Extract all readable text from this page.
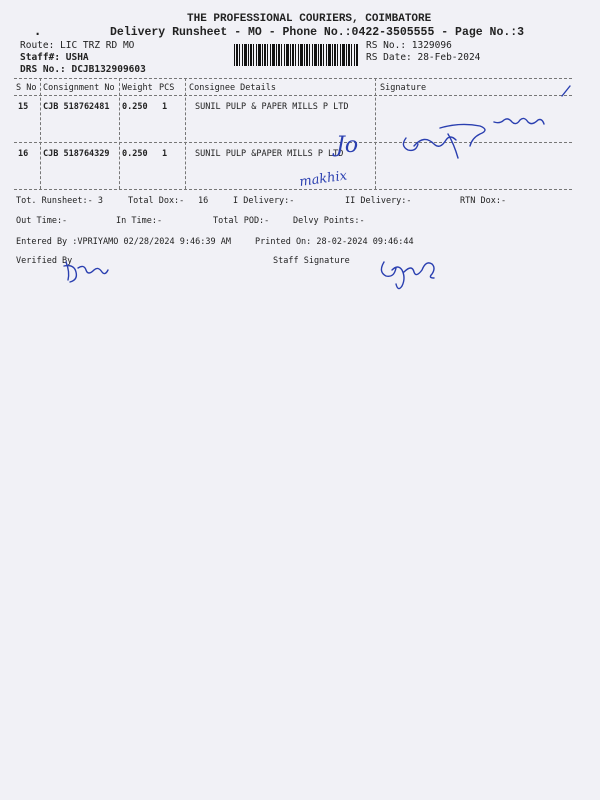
THE PROFESSIONAL COURIERS, COIMBATORE
Delivery Runsheet - MO - Phone No.:0422-3505555 - Page No.:3
.
Route: LIC TRZ RD MO
Staff#: USHA
DRS No.: DCJB132909603
RS No.: 1329096
RS Date: 28-Feb-2024
S No Consignment No Weight PCS Consignee Details	Signature
15 CJB 518762481 0.250 1	SUNIL PULP & PAPER MILLS P LTD
16 CJB 518764329 0.250 1	SUNIL PULP &PAPER MILLS P LTD
Tot. Runsheet:- 3	Total Dox:- 16	I Delivery:-	II Delivery:-	RTN Dox:-
Out Time:-	In Time:-	Total POD:-	Delvy Points:-
Entered By :VPRIYAMO 02/28/2024 9:46:39 AM	Printed On: 28-02-2024 09:46:44
Verified By	Staff Signature
Jo
makhix
